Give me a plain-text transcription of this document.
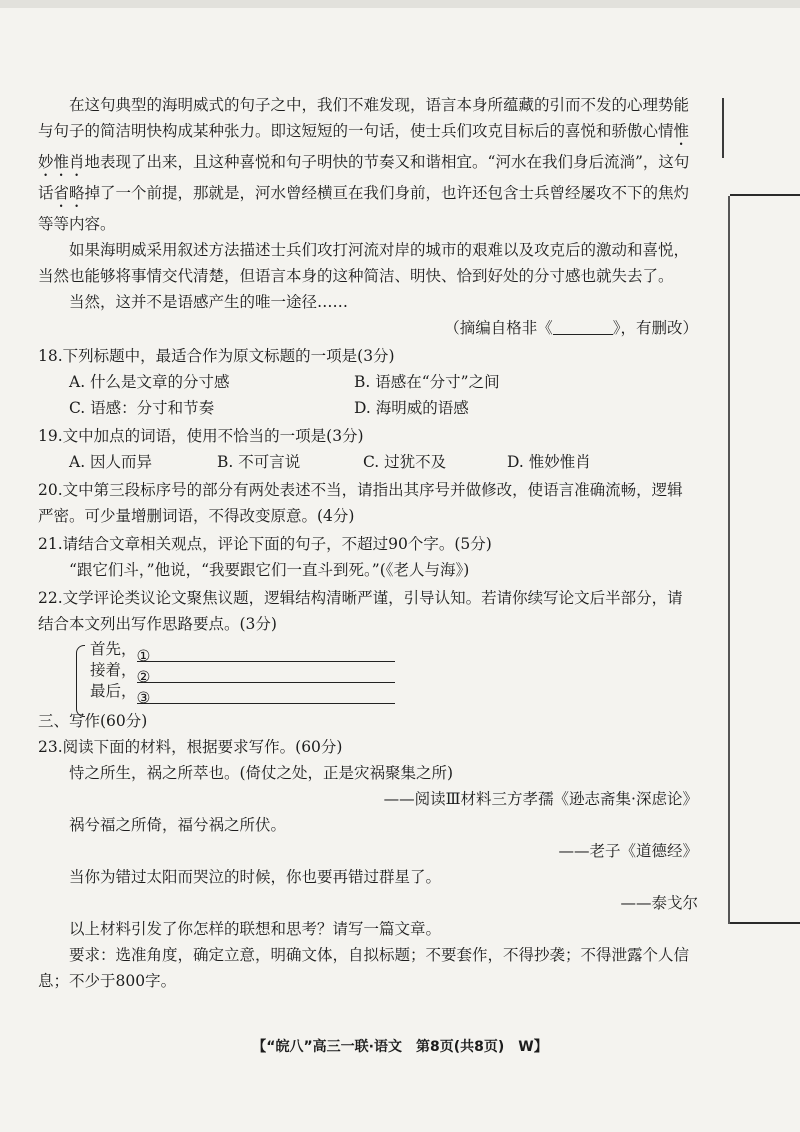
在这句典型的海明威式的句子之中，我们不难发现，语言本身所蕴藏的引而不发的心理势能与句子的简洁明快构成某种张力。即这短短的一句话，使士兵们攻克目标后的喜悦和骄傲心情惟妙惟肖地表现了出来，且这种喜悦和句子明快的节奏又和谐相宜。“河水在我们身后流淌”，这句话省略掉了一个前提，那就是，河水曾经横亘在我们身前，也许还包含士兵曾经屡攻不下的焦灼等等内容。

如果海明威采用叙述方法描述士兵们攻打河流对岸的城市的艰难以及攻克后的激动和喜悦，当然也能够将事情交代清楚，但语言本身的这种简洁、明快、恰到好处的分寸感也就失去了。

当然，这并不是语感产生的唯一途径……

（摘编自格非《	》，有删改）

18.下列标题中，最适合作为原文标题的一项是(3分)

A. 什么是文章的分寸感	B. 语感在“分寸”之间
C. 语感：分寸和节奏	D. 海明威的语感

19.文中加点的词语，使用不恰当的一项是(3分)

A. 因人而异	B. 不可言说	C. 过犹不及	D. 惟妙惟肖

20.文中第三段标序号的部分有两处表述不当，请指出其序号并做修改，使语言准确流畅，逻辑严密。可少量增删词语，不得改变原意。(4分)

21.请结合文章相关观点，评论下面的句子，不超过90个字。(5分)

“跟它们斗，”他说，“我要跟它们一直斗到死。”(《老人与海》)

22.文学评论类议论文聚焦议题，逻辑结构清晰严谨，引导认知。若请你续写论文后半部分，请结合本文列出写作思路要点。(3分)

首先， ①
接着， ②
最后， ③

三、写作(60分)

23.阅读下面的材料，根据要求写作。(60分)

恃之所生，祸之所萃也。(倚仗之处，正是灾祸聚集之所)

——阅读Ⅲ材料三方孝孺《逊志斋集·深虑论》

祸兮福之所倚，福兮祸之所伏。

——老子《道德经》

当你为错过太阳而哭泣的时候，你也要再错过群星了。

——泰戈尔

以上材料引发了你怎样的联想和思考？请写一篇文章。

要求：选准角度，确定立意，明确文体，自拟标题；不要套作，不得抄袭；不得泄露个人信息；不少于800字。

【“皖八”高三一联·语文　第8页(共8页)　W】
